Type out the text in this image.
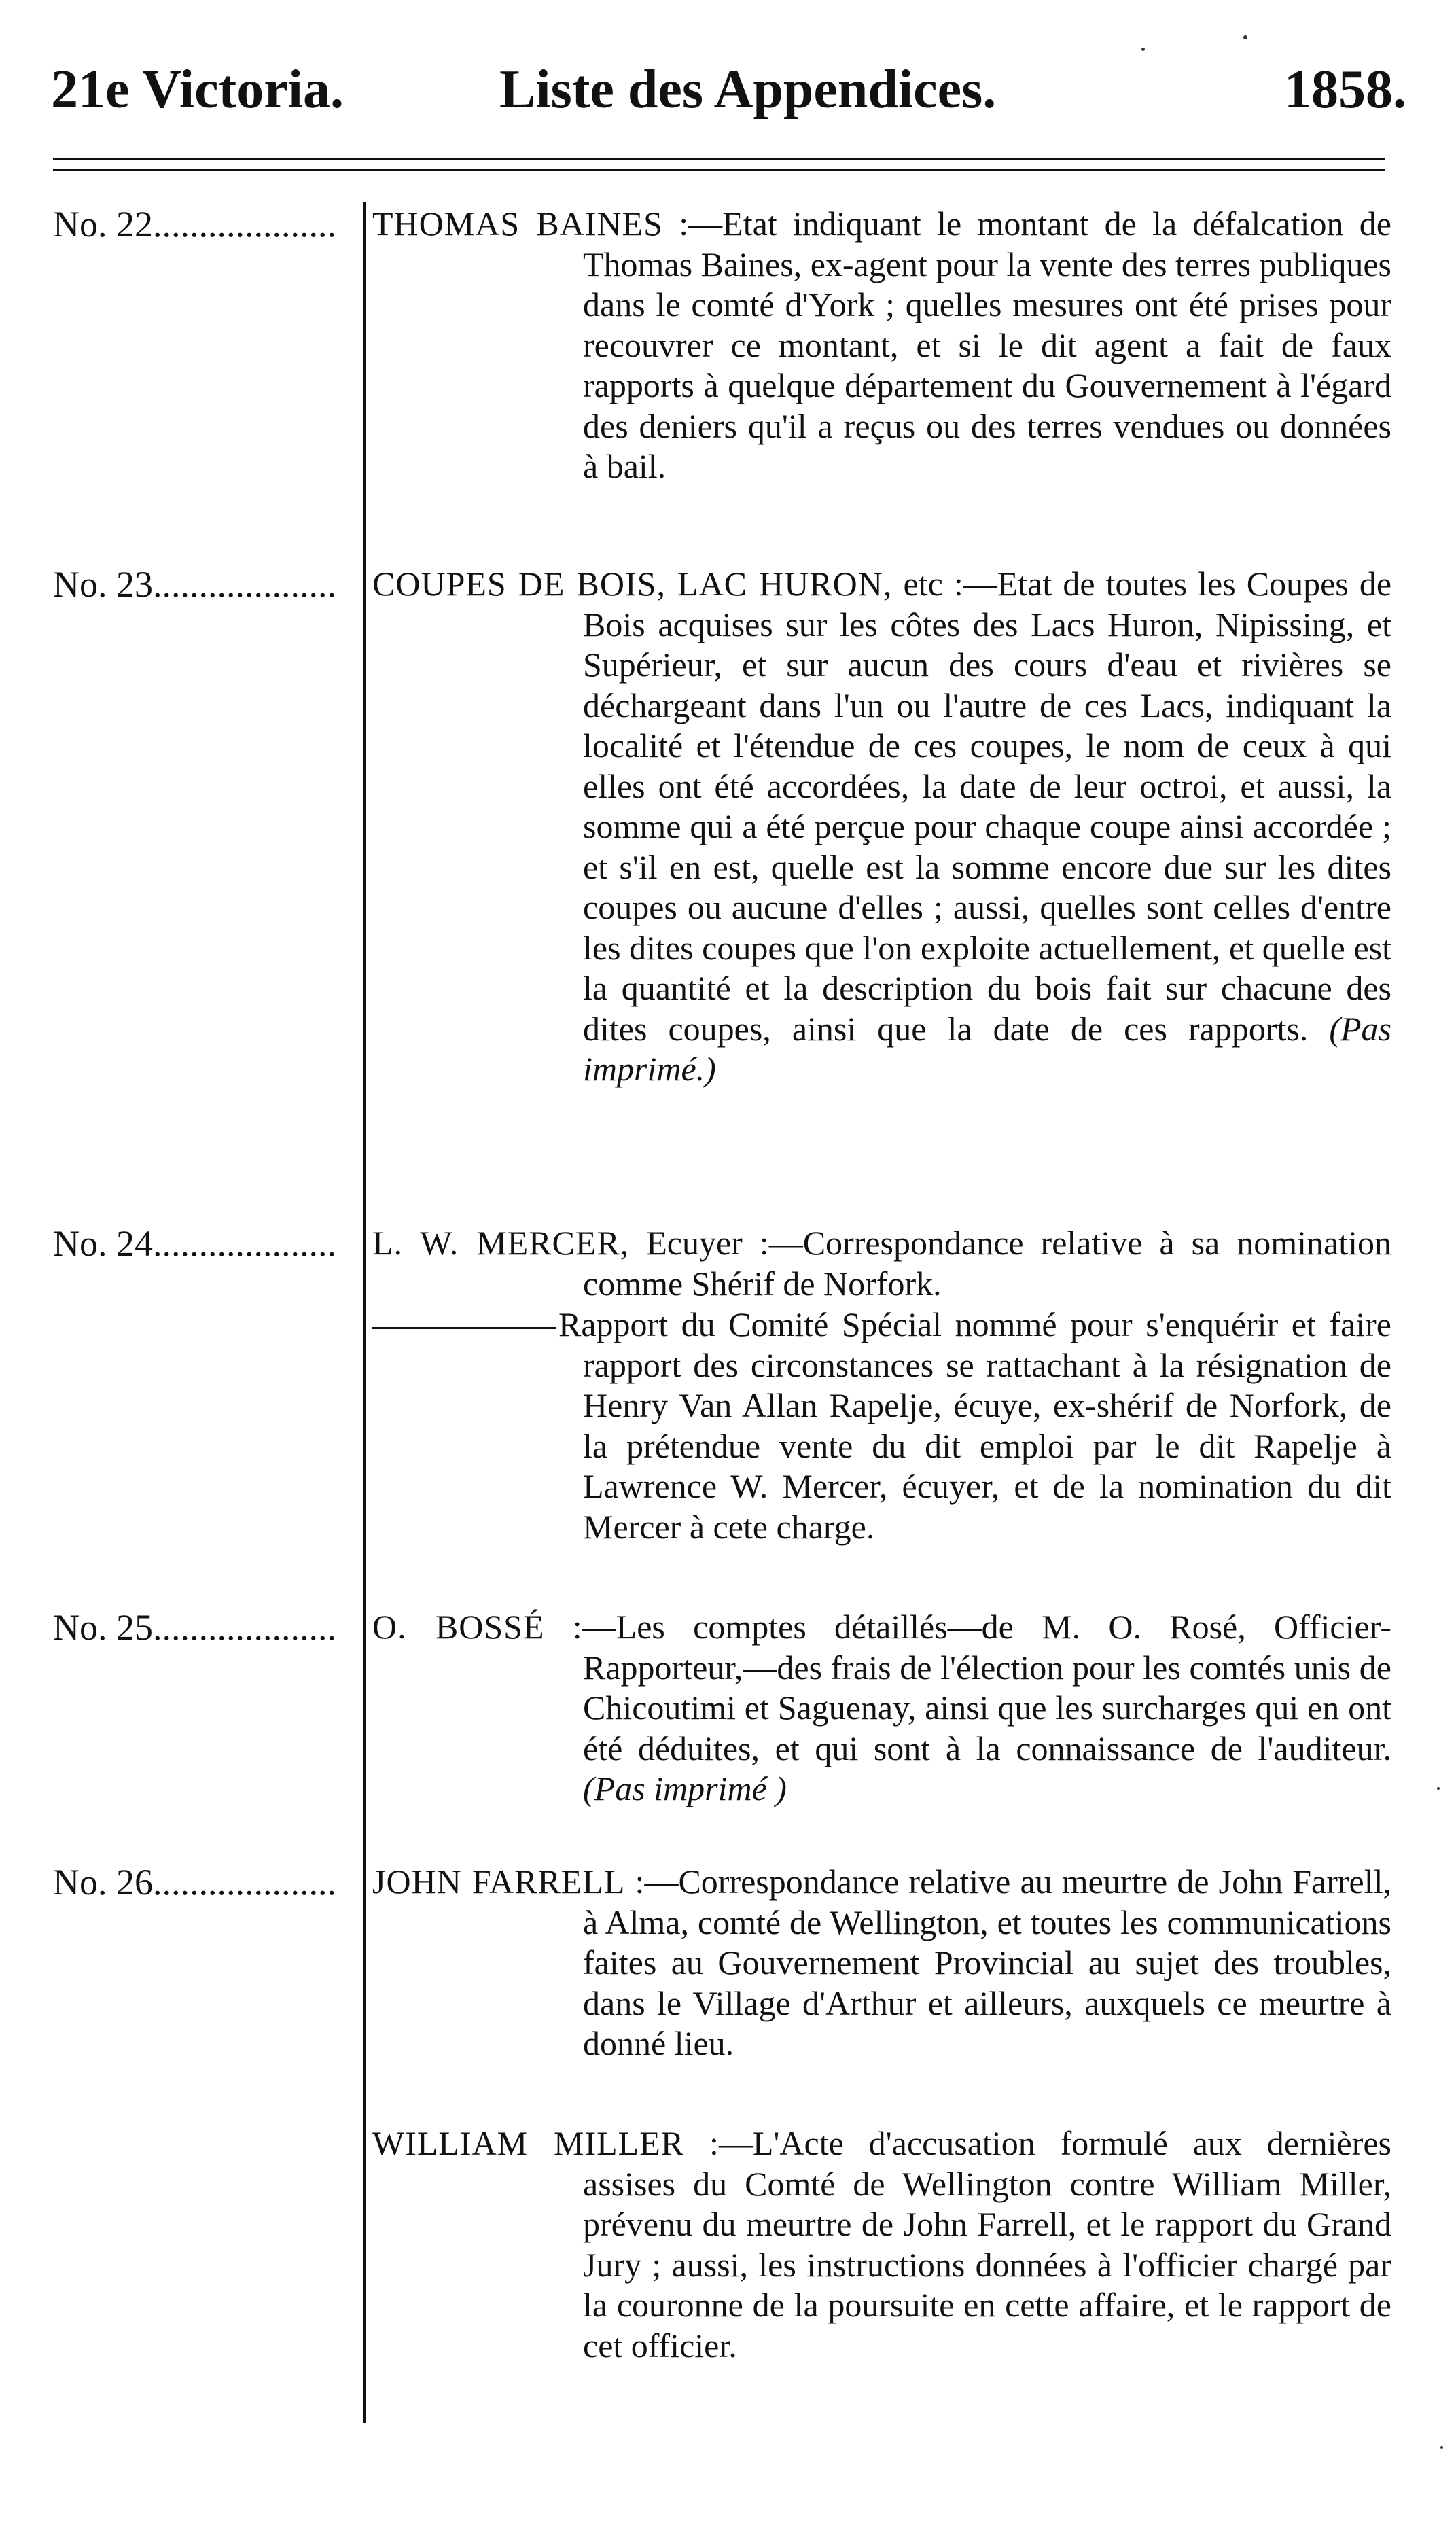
21e Victoria.	Liste des Appendices.	1858.
No. 22....................	THOMAS BAINES :—Etat indiquant le montant de la défalcation de Thomas Baines, ex-agent pour la vente des terres publiques dans le comté d'York ; quelles mesures ont été prises pour recouvrer ce montant, et si le dit agent a fait de faux rapports à quelque département du Gouvernement à l'égard des deniers qu'il a reçus ou des terres vendues ou données à bail.
No. 23....................	COUPES DE BOIS, LAC HURON, etc :—Etat de toutes les Coupes de Bois acquises sur les côtes des Lacs Huron, Nipissing, et Supérieur, et sur aucun des cours d'eau et rivières se déchargeant dans l'un ou l'autre de ces Lacs, indiquant la localité et l'étendue de ces coupes, le nom de ceux à qui elles ont été accordées, la date de leur octroi, et aussi, la somme qui a été perçue pour chaque coupe ainsi accordée ; et s'il en est, quelle est la somme encore due sur les dites coupes ou aucune d'elles ; aussi, quelles sont celles d'entre les dites coupes que l'on exploite actuellement, et quelle est la quantité et la description du bois fait sur chacune des dites coupes, ainsi que la date de ces rapports. (Pas imprimé.)
No. 24....................	L. W. MERCER, Ecuyer :—Correspondance relative à sa nomination comme Shérif de Norfork.
Rapport du Comité Spécial nommé pour s'enquérir et faire rapport des circonstances se rattachant à la résignation de Henry Van Allan Rapelje, écuye, ex-shérif de Norfork, de la prétendue vente du dit emploi par le dit Rapelje à Lawrence W. Mercer, écuyer, et de la nomination du dit Mercer à cete charge.
No. 25....................	O. BOSSÉ :—Les comptes détaillés—de M. O. Rosé, Officier-Rapporteur,—des frais de l'élection pour les comtés unis de Chicoutimi et Saguenay, ainsi que les surcharges qui en ont été déduites, et qui sont à la connaissance de l'auditeur. (Pas imprimé )
No. 26....................	JOHN FARRELL :—Correspondance relative au meurtre de John Farrell, à Alma, comté de Wellington, et toutes les communications faites au Gouvernement Provincial au sujet des troubles, dans le Village d'Arthur et ailleurs, auxquels ce meurtre à donné lieu.
WILLIAM MILLER :—L'Acte d'accusation formulé aux dernières assises du Comté de Wellington contre William Miller, prévenu du meurtre de John Farrell, et le rapport du Grand Jury ; aussi, les instructions données à l'officier chargé par la couronne de la poursuite en cette affaire, et le rapport de cet officier.
